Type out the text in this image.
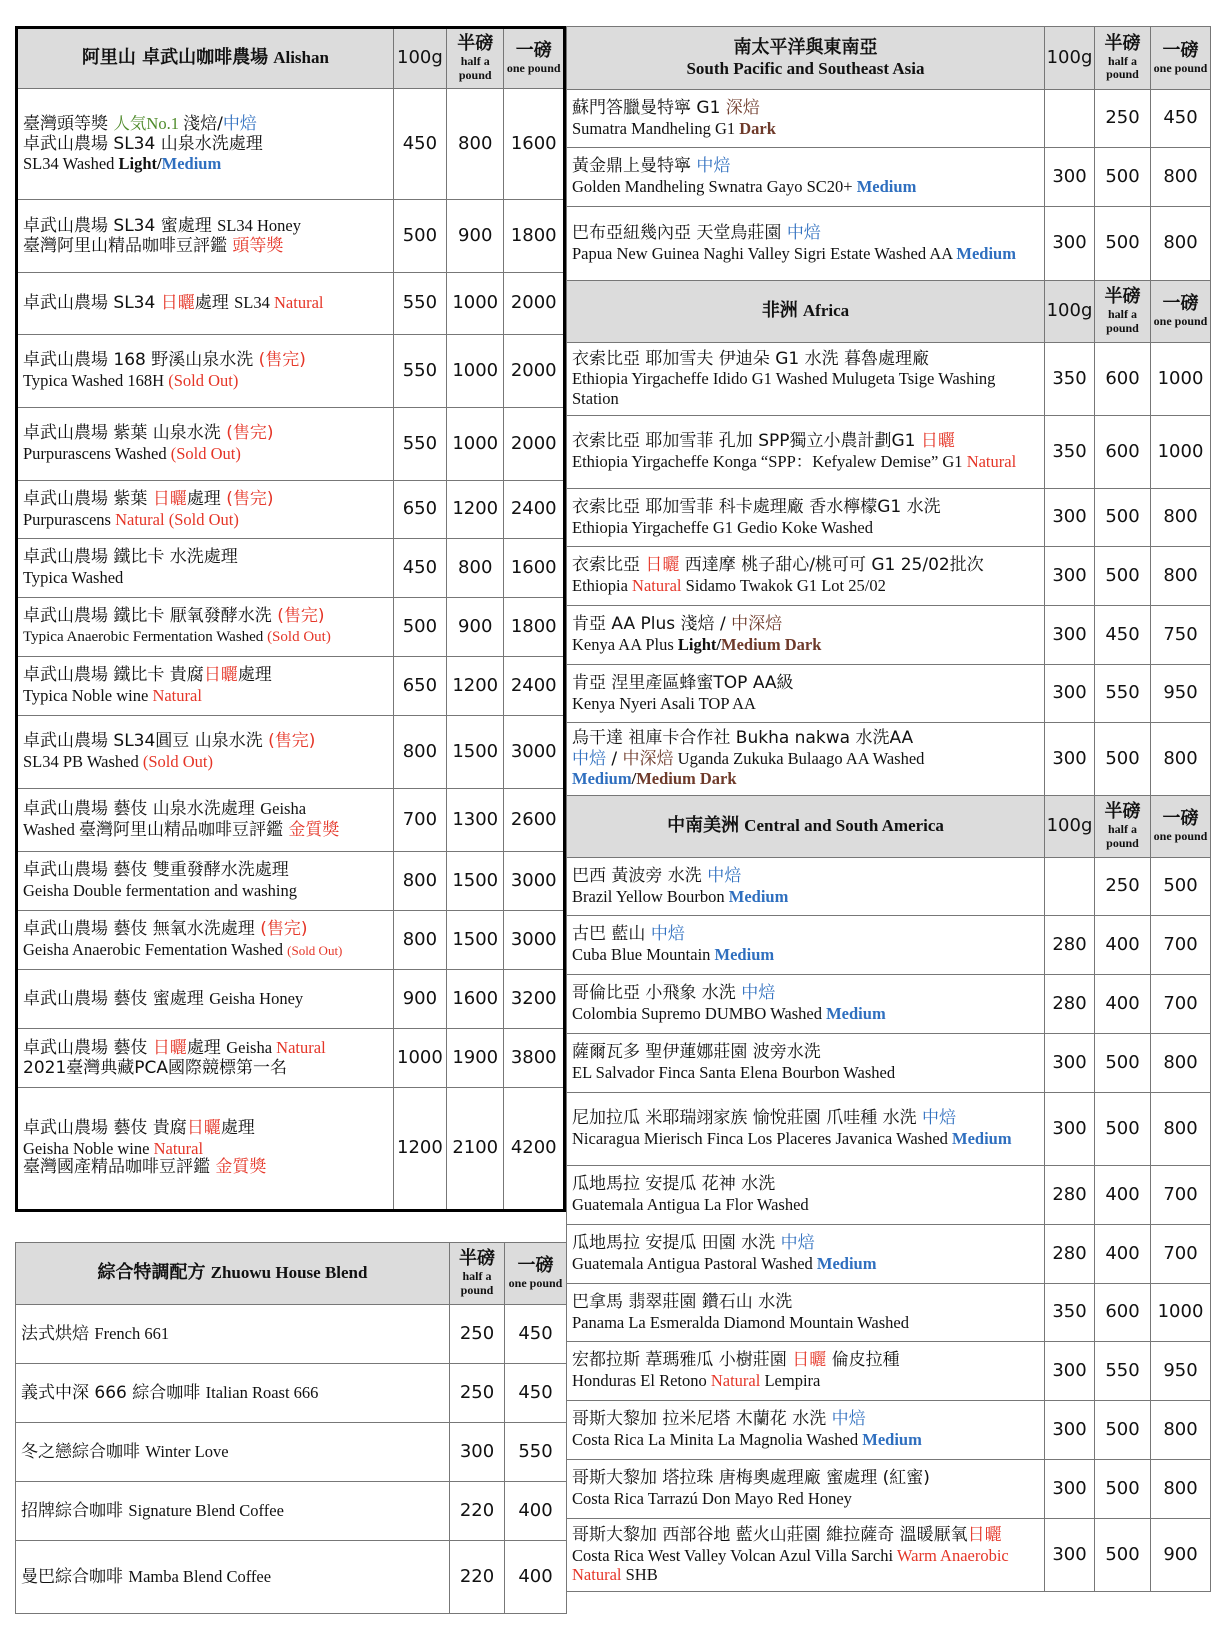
阿里山 卓武山咖啡農場 Alishan	100g	半磅
half a pound	一磅
one pound

臺灣頭等獎 人気No.1 淺焙/中焙
卓武山農場 SL34 山泉水洗處理
SL34 Washed Light/Medium	450	800	1600
卓武山農場 SL34 蜜處理 SL34 Honey
臺灣阿里山精品咖啡豆評鑑 頭等獎	500	900	1800
卓武山農場 SL34 日曬處理 SL34 Natural	550	1000	2000
卓武山農場 168 野溪山泉水洗 (售完)
Typica Washed 168H (Sold Out)	550	1000	2000
卓武山農場 紫葉 山泉水洗 (售完)
Purpurascens Washed (Sold Out)	550	1000	2000
卓武山農場 紫葉 日曬處理 (售完)
Purpurascens Natural (Sold Out)	650	1200	2400
卓武山農場 鐵比卡 水洗處理
Typica Washed	450	800	1600
卓武山農場 鐵比卡 厭氧發酵水洗 (售完)
Typica Anaerobic Fermentation Washed (Sold Out)	500	900	1800
卓武山農場 鐵比卡 貴腐日曬處理
Typica Noble wine Natural	650	1200	2400
卓武山農場 SL34圓豆 山泉水洗 (售完)
SL34 PB Washed (Sold Out)	800	1500	3000
卓武山農場 藝伎 山泉水洗處理 Geisha
Washed 臺灣阿里山精品咖啡豆評鑑 金質獎	700	1300	2600
卓武山農場 藝伎 雙重發酵水洗處理
Geisha Double fermentation and washing	800	1500	3000
卓武山農場 藝伎 無氧水洗處理 (售完)
Geisha Anaerobic Fementation Washed (Sold Out)	800	1500	3000
卓武山農場 藝伎 蜜處理 Geisha Honey	900	1600	3200
卓武山農場 藝伎 日曬處理 Geisha Natural
2021臺灣典藏PCA國際競標第一名	1000	1900	3800
卓武山農場 藝伎 貴腐日曬處理
Geisha Noble wine Natural
臺灣國產精品咖啡豆評鑑 金質獎	1200	2100	4200
綜合特調配方 Zhuowu House Blend	半磅
half a pound	一磅
one pound

法式烘焙 French 661	250	450
義式中深 666 綜合咖啡 Italian Roast 666	250	450
冬之戀綜合咖啡 Winter Love	300	550
招牌綜合咖啡 Signature Blend Coffee	220	400
曼巴綜合咖啡 Mamba Blend Coffee	220	400
南太平洋與東南亞
South Pacific and Southeast Asia	100g	半磅
half a pound	一磅
one pound

蘇門答臘曼特寧 G1 深焙
Sumatra Mandheling G1 Dark		250	450
黃金鼎上曼特寧 中焙
Golden Mandheling Swnatra Gayo SC20+ Medium	300	500	800
巴布亞紐幾內亞 天堂鳥莊園 中焙
Papua New Guinea Naghi Valley Sigri Estate Washed AA Medium	300	500	800
非洲 Africa	100g	半磅
half a pound	一磅
one pound

衣索比亞 耶加雪夫 伊迪朵 G1 水洗 暮魯處理廠
Ethiopia Yirgacheffe Idido G1 Washed Mulugeta Tsige Washing Station	350	600	1000
衣索比亞 耶加雪菲 孔加 SPP獨立小農計劃G1 日曬
Ethiopia Yirgacheffe Konga “SPP：Kefyalew Demise” G1 Natural	350	600	1000
衣索比亞 耶加雪菲 科卡處理廠 香水檸檬G1 水洗
Ethiopia Yirgacheffe G1 Gedio Koke Washed	300	500	800
衣索比亞 日曬 西達摩 桃子甜心/桃可可 G1 25/02批次 Ethiopia Natural Sidamo Twakok G1 Lot 25/02	300	500	800
肯亞 AA Plus 淺焙 / 中深焙
Kenya AA Plus Light/Medium Dark	300	450	750
肯亞 涅里產區蜂蜜TOP AA級
Kenya Nyeri Asali TOP AA	300	550	950
烏干達 祖庫卡合作社 Bukha nakwa 水洗AA
中焙 / 中深焙 Uganda Zukuka Bulaago AA Washed
Medium/Medium Dark	300	500	800
中南美洲 Central and South America	100g	半磅
half a pound	一磅
one pound

巴西 黃波旁 水洗 中焙
Brazil Yellow Bourbon Medium		250	500
古巴 藍山 中焙
Cuba Blue Mountain Medium	280	400	700
哥倫比亞 小飛象 水洗 中焙
Colombia Supremo DUMBO Washed Medium	280	400	700
薩爾瓦多 聖伊蓮娜莊園 波旁水洗
EL Salvador Finca Santa Elena Bourbon Washed	300	500	800
尼加拉瓜 米耶瑞翊家族 愉悅莊園 爪哇種 水洗 中焙
Nicaragua Mierisch Finca Los Placeres Javanica Washed Medium	300	500	800
瓜地馬拉 安提瓜 花神 水洗
Guatemala Antigua La Flor Washed	280	400	700
瓜地馬拉 安提瓜 田園 水洗 中焙
Guatemala Antigua Pastoral Washed Medium	280	400	700
巴拿馬 翡翠莊園 鑽石山 水洗
Panama La Esmeralda Diamond Mountain Washed	350	600	1000
宏都拉斯 葦瑪雅瓜 小樹莊園 日曬 倫皮拉種
Honduras El Retono Natural Lempira	300	550	950
哥斯大黎加 拉米尼塔 木蘭花 水洗 中焙
Costa Rica La Minita La Magnolia Washed Medium	300	500	800
哥斯大黎加 塔拉珠 唐梅奧處理廠 蜜處理 (紅蜜)
Costa Rica Tarrazú Don Mayo Red Honey	300	500	800
哥斯大黎加 西部谷地 藍火山莊園 維拉薩奇 溫暖厭氧日曬 Costa Rica West Valley Volcan Azul Villa Sarchi Warm Anaerobic Natural SHB	300	500	900
